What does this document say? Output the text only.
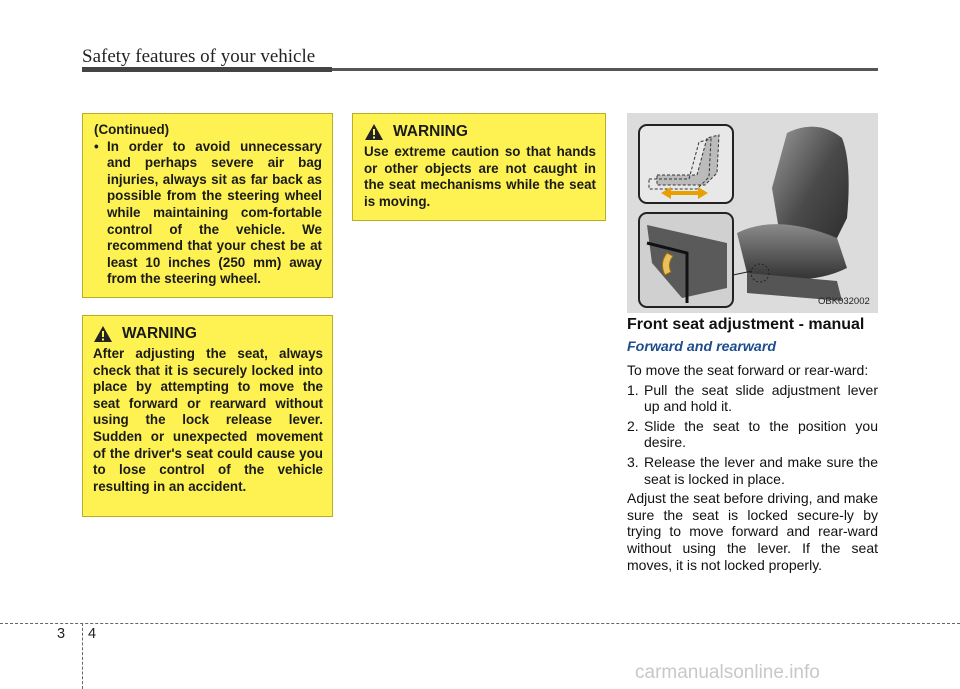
Safety features of your vehicle

(Continued)

• In order to avoid unnecessary and perhaps severe air bag injuries, always sit as far back as possible from the steering wheel while maintaining com-fortable control of the vehicle. We recommend that your chest be at least 10 inches (250 mm) away from the steering wheel.
WARNING

After adjusting the seat, always check that it is securely locked into place by attempting to move the seat forward or rearward without using the lock release lever. Sudden or unexpected movement of the driver's seat could cause you to lose control of the vehicle resulting in an accident.

WARNING

Use extreme caution so that hands or other objects are not caught in the seat mechanisms while the seat is moving.

OBK032002
Front seat adjustment - manual
Forward and rearward

To move the seat forward or rear-ward:

1. Pull the seat slide adjustment lever up and hold it.
2. Slide the seat to the position you desire.
3. Release the lever and make sure the seat is locked in place.

Adjust the seat before driving, and make sure the seat is locked secure-ly by trying to move forward and rear-ward without using the lever. If the seat moves, it is not locked properly.

3 4
carmanualsonline.info
